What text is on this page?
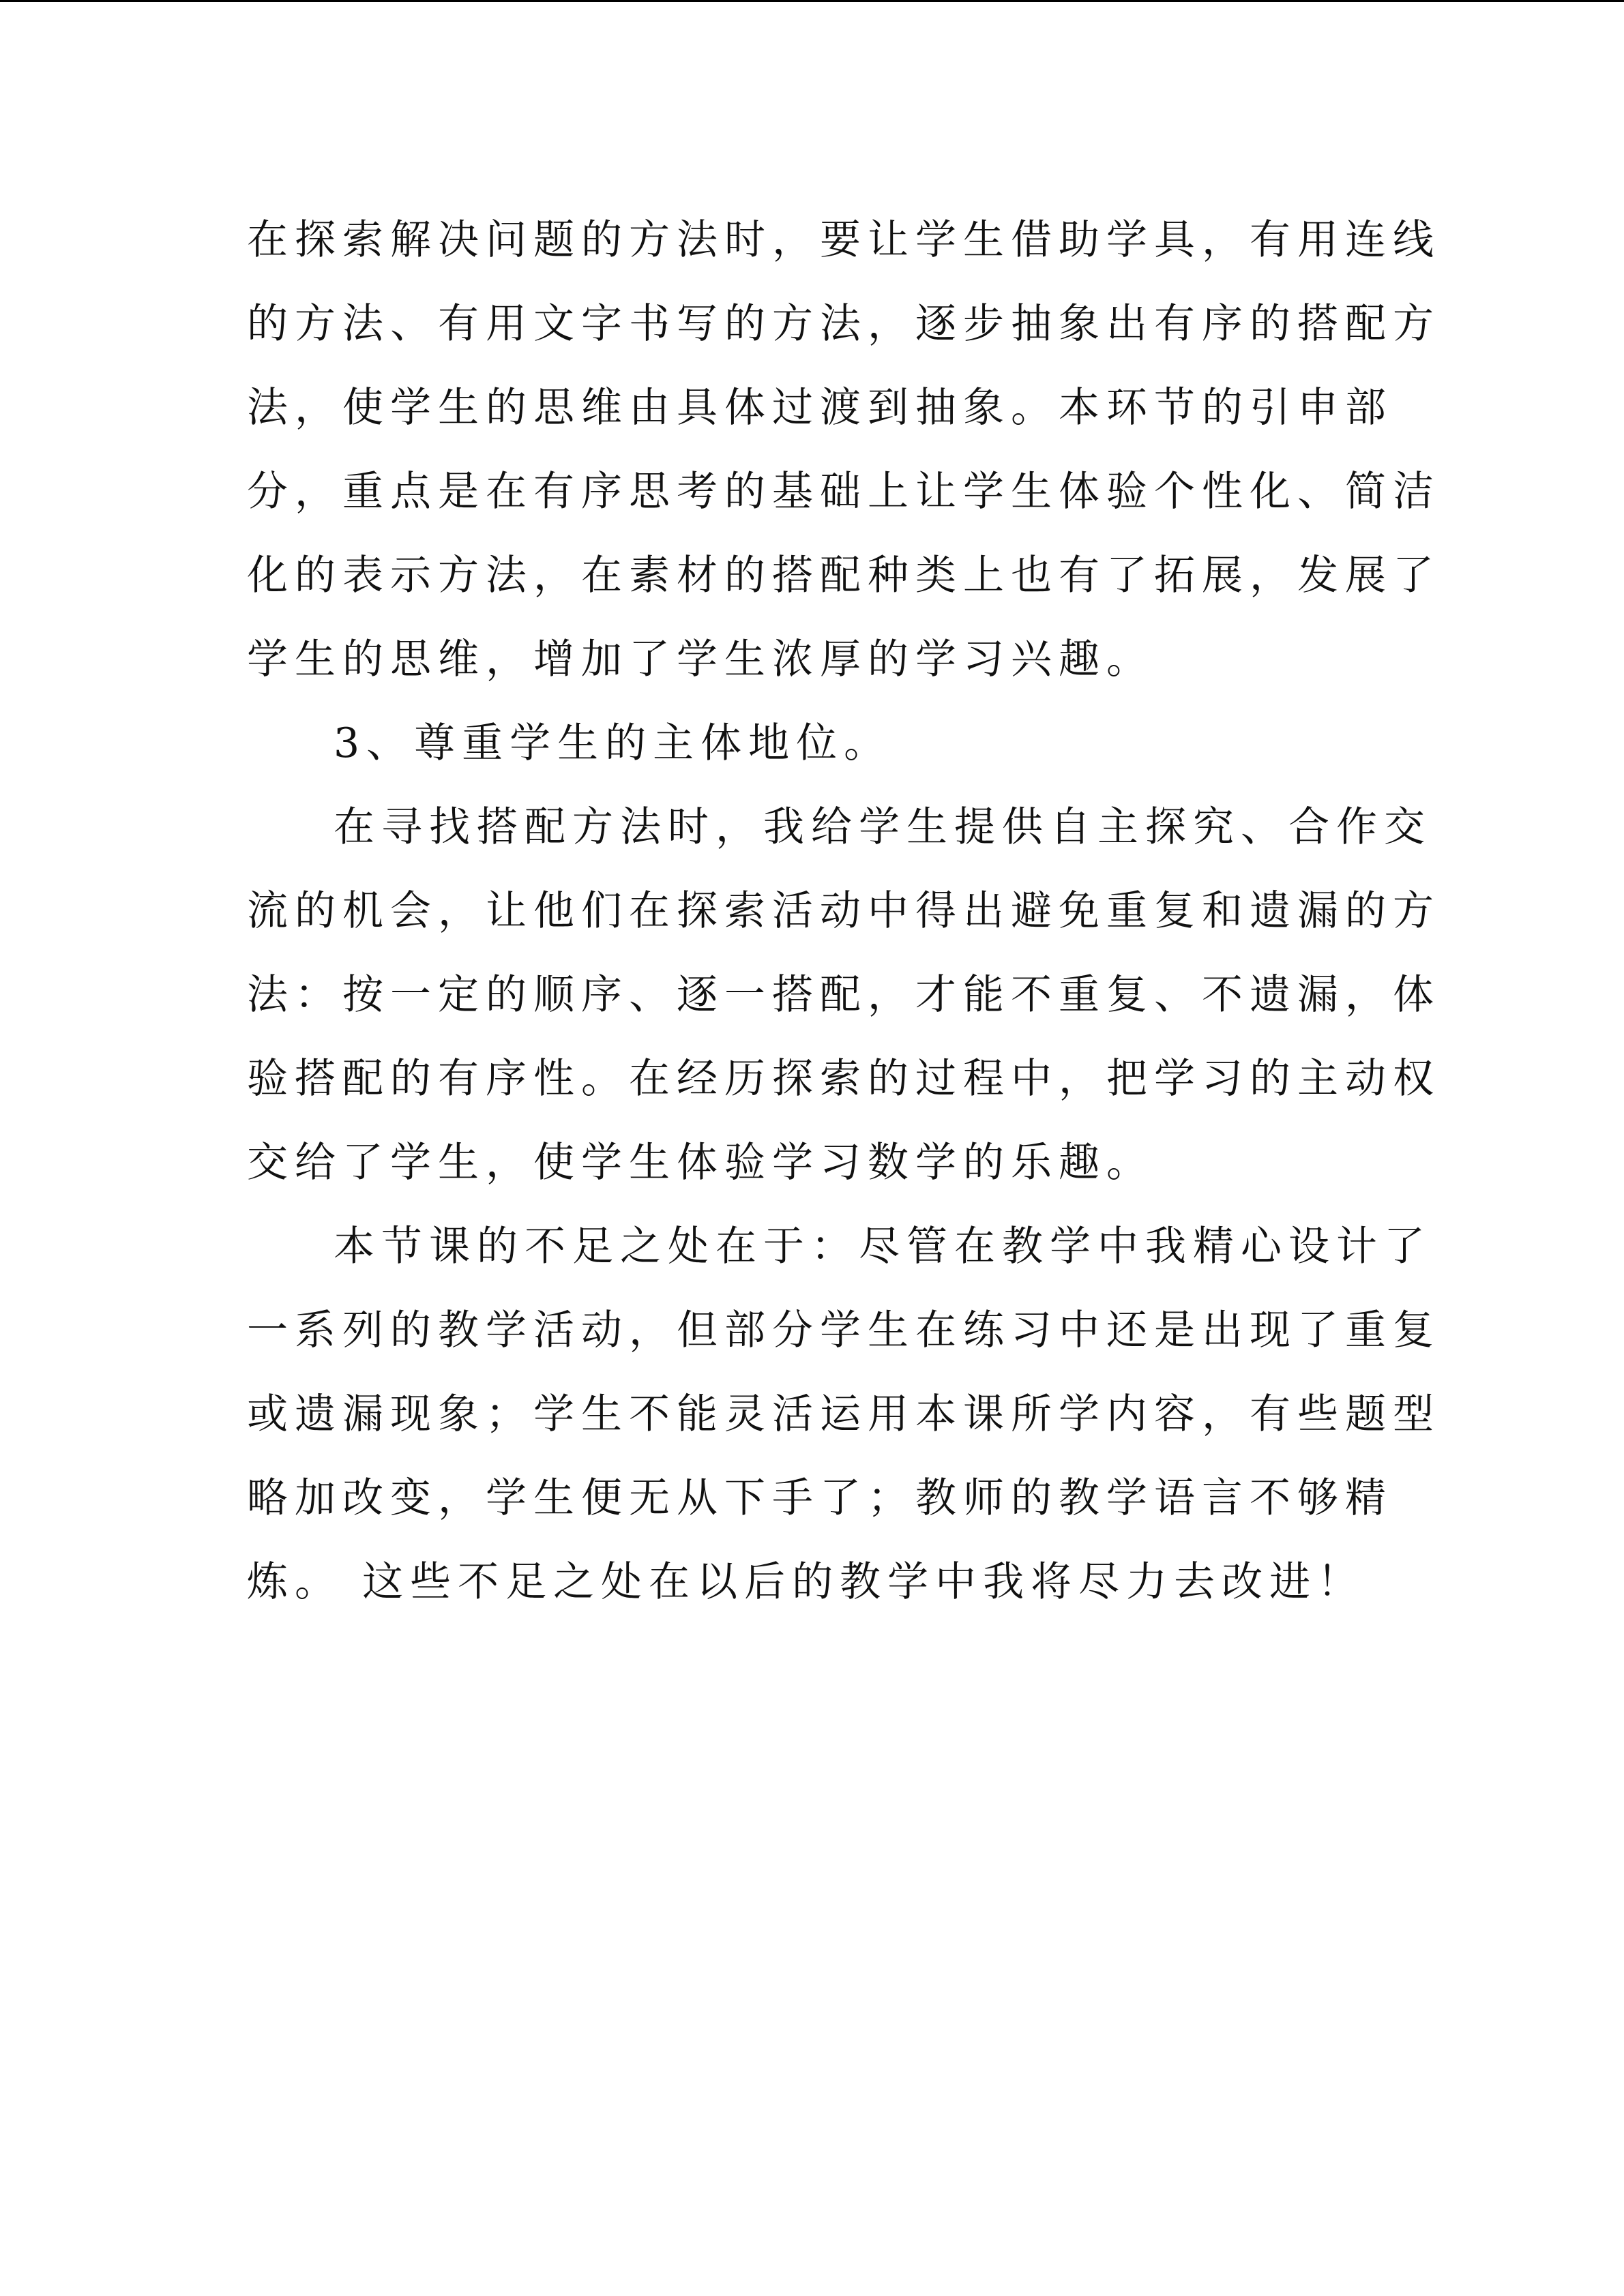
在探索解决问题的方法时，要让学生借助学具，有用连线
的方法、有用文字书写的方法，逐步抽象出有序的搭配方
法，使学生的思维由具体过渡到抽象。本环节的引申部
分，重点是在有序思考的基础上让学生体验个性化、简洁
化的表示方法，在素材的搭配种类上也有了拓展，发展了
学生的思维，增加了学生浓厚的学习兴趣。
3、尊重学生的主体地位。
在寻找搭配方法时，我给学生提供自主探究、合作交
流的机会，让他们在探索活动中得出避免重复和遗漏的方
法：按一定的顺序、逐一搭配，才能不重复、不遗漏，体
验搭配的有序性。在经历探索的过程中，把学习的主动权
交给了学生，使学生体验学习数学的乐趣。
本节课的不足之处在于：尽管在教学中我精心设计了
一系列的教学活动，但部分学生在练习中还是出现了重复
或遗漏现象；学生不能灵活运用本课所学内容，有些题型
略加改变，学生便无从下手了；教师的教学语言不够精
炼。 这些不足之处在以后的教学中我将尽力去改进！
